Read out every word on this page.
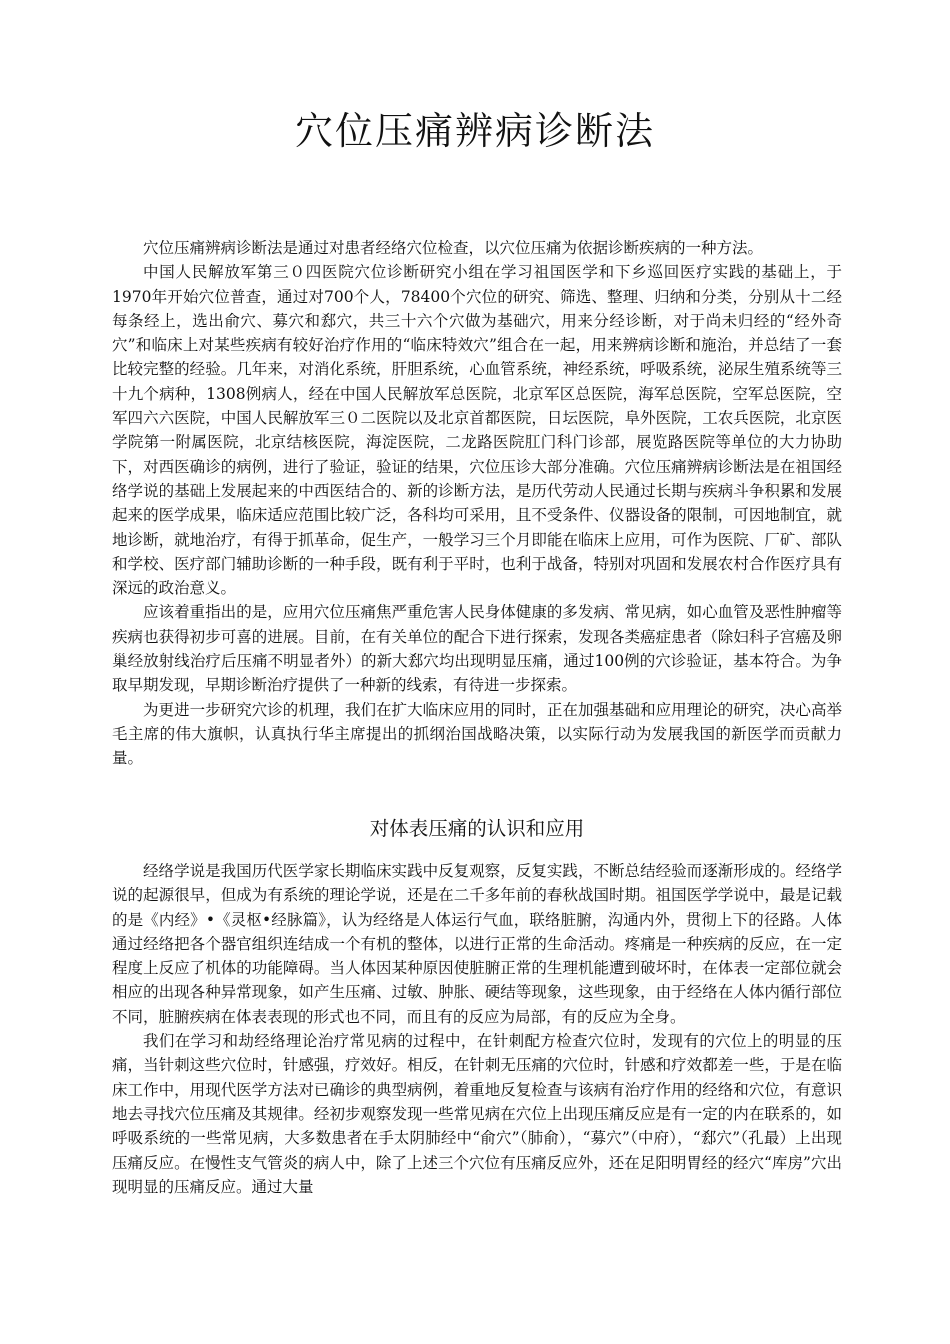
穴位压痛辨病诊断法

穴位压痛辨病诊断法是通过对患者经络穴位检查，以穴位压痛为依据诊断疾病的一种方法。

中国人民解放军第三０四医院穴位诊断研究小组在学习祖国医学和下乡巡回医疗实践的基础上，于1970年开始穴位普查，通过对700个人，78400个穴位的研究、筛选、整理、归纳和分类，分别从十二经每条经上，选出俞穴、募穴和郄穴，共三十六个穴做为基础穴，用来分经诊断，对于尚未归经的“经外奇穴”和临床上对某些疾病有较好治疗作用的“临床特效穴”组合在一起，用来辨病诊断和施治，并总结了一套比较完整的经验。几年来，对消化系统，肝胆系统，心血管系统，神经系统，呼吸系统，泌尿生殖系统等三十九个病种，1308例病人，经在中国人民解放军总医院，北京军区总医院，海军总医院，空军总医院，空军四六六医院，中国人民解放军三０二医院以及北京首都医院，日坛医院，阜外医院，工农兵医院，北京医学院第一附属医院，北京结核医院，海淀医院，二龙路医院肛门科门诊部，展览路医院等单位的大力协助下，对西医确诊的病例，进行了验证，验证的结果，穴位压诊大部分准确。穴位压痛辨病诊断法是在祖国经络学说的基础上发展起来的中西医结合的、新的诊断方法，是历代劳动人民通过长期与疾病斗争积累和发展起来的医学成果，临床适应范围比较广泛，各科均可采用，且不受条件、仪器设备的限制，可因地制宜，就地诊断，就地治疗，有得于抓革命，促生产，一般学习三个月即能在临床上应用，可作为医院、厂矿、部队和学校、医疗部门辅助诊断的一种手段，既有利于平时，也利于战备，特别对巩固和发展农村合作医疗具有深远的政治意义。

应该着重指出的是，应用穴位压痛焦严重危害人民身体健康的多发病、常见病，如心血管及恶性肿瘤等疾病也获得初步可喜的进展。目前，在有关单位的配合下进行探索，发现各类癌症患者（除妇科子宫癌及卵巢经放射线治疗后压痛不明显者外）的新大郄穴均出现明显压痛，通过100例的穴诊验证，基本符合。为争取早期发现，早期诊断治疗提供了一种新的线索，有待进一步探索。

为更进一步研究穴诊的机理，我们在扩大临床应用的同时，正在加强基础和应用理论的研究，决心高举毛主席的伟大旗帜，认真执行华主席提出的抓纲治国战略决策，以实际行动为发展我国的新医学而贡献力量。

对体表压痛的认识和应用

经络学说是我国历代医学家长期临床实践中反复观察，反复实践，不断总结经验而逐渐形成的。经络学说的起源很早，但成为有系统的理论学说，还是在二千多年前的春秋战国时期。祖国医学学说中，最是记载的是《内经》•《灵枢•经脉篇》，认为经络是人体运行气血，联络脏腑，沟通内外，贯彻上下的径路。人体通过经络把各个器官组织连结成一个有机的整体，以进行正常的生命活动。疼痛是一种疾病的反应，在一定程度上反应了机体的功能障碍。当人体因某种原因使脏腑正常的生理机能遭到破坏时，在体表一定部位就会相应的出现各种异常现象，如产生压痛、过敏、肿胀、硬结等现象，这些现象，由于经络在人体内循行部位不同，脏腑疾病在体表表现的形式也不同，而且有的反应为局部，有的反应为全身。

我们在学习和劫经络理论治疗常见病的过程中，在针刺配方检查穴位时，发现有的穴位上的明显的压痛，当针刺这些穴位时，针感强，疗效好。相反，在针刺无压痛的穴位时，针感和疗效都差一些，于是在临床工作中，用现代医学方法对已确诊的典型病例，着重地反复检查与该病有治疗作用的经络和穴位，有意识地去寻找穴位压痛及其规律。经初步观察发现一些常见病在穴位上出现压痛反应是有一定的内在联系的，如呼吸系统的一些常见病，大多数患者在手太阴肺经中“俞穴”（肺俞），“募穴”（中府），“郄穴”（孔最）上出现压痛反应。在慢性支气管炎的病人中，除了上述三个穴位有压痛反应外，还在足阳明胃经的经穴“库房”穴出现明显的压痛反应。通过大量
